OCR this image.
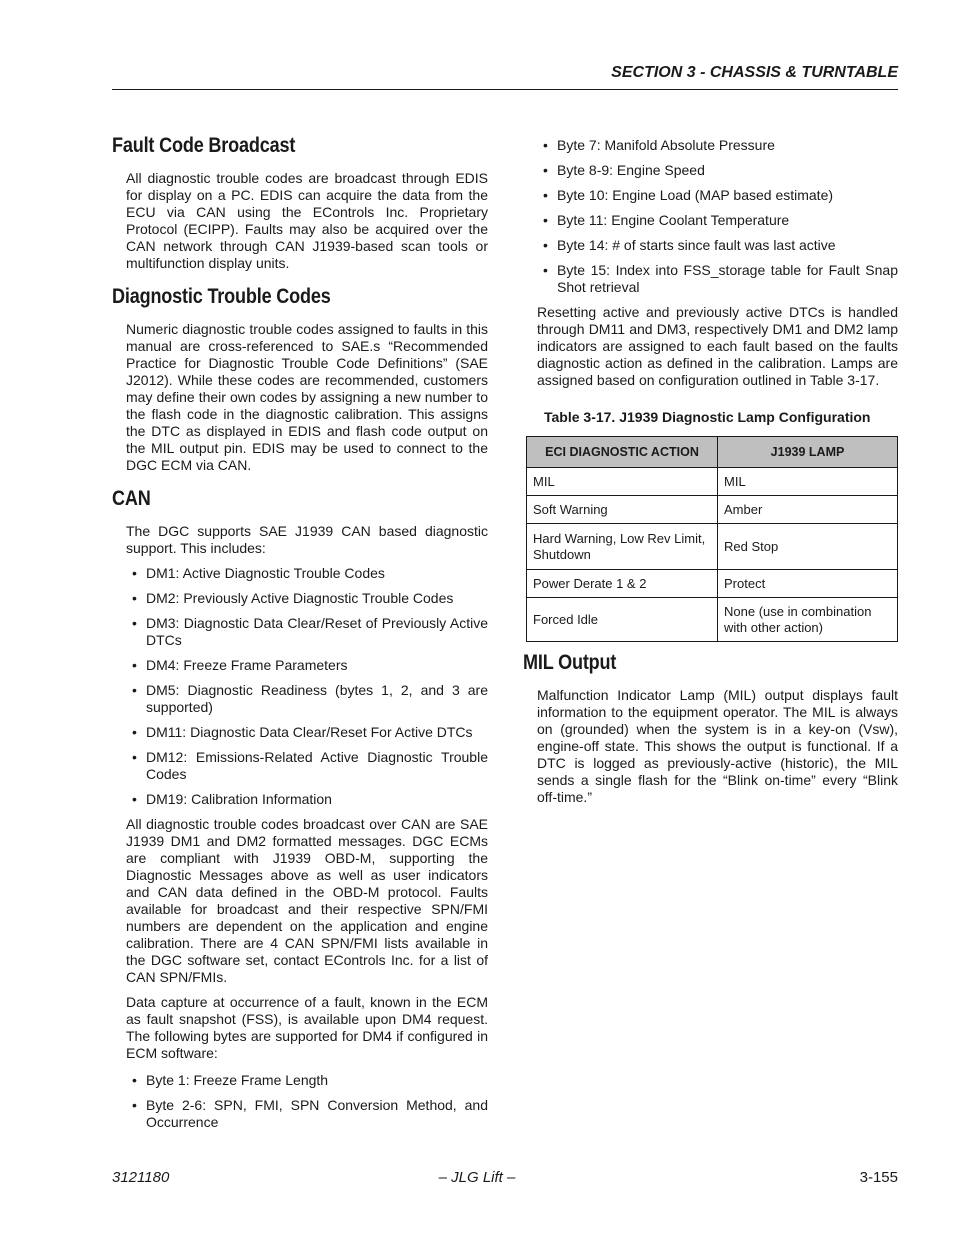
SECTION 3 - CHASSIS & TURNTABLE
Fault Code Broadcast

All diagnostic trouble codes are broadcast through EDIS for display on a PC. EDIS can acquire the data from the ECU via CAN using the EControls Inc. Proprietary Protocol (ECIPP). Faults may also be acquired over the CAN network through CAN J1939-based scan tools or multifunction display units.

Diagnostic Trouble Codes

Numeric diagnostic trouble codes assigned to faults in this manual are cross-referenced to SAE.s “Recommended Practice for Diagnostic Trouble Code Definitions” (SAE J2012). While these codes are recommended, customers may define their own codes by assigning a new number to the flash code in the diagnostic calibration. This assigns the DTC as displayed in EDIS and flash code output on the MIL output pin. EDIS may be used to connect to the DGC ECM via CAN.

CAN

The DGC supports SAE J1939 CAN based diagnostic support. This includes:

• DM1: Active Diagnostic Trouble Codes
• DM2: Previously Active Diagnostic Trouble Codes
• DM3: Diagnostic Data Clear/Reset of Previously Active DTCs
• DM4: Freeze Frame Parameters
• DM5: Diagnostic Readiness (bytes 1, 2, and 3 are supported)
• DM11: Diagnostic Data Clear/Reset For Active DTCs
• DM12: Emissions-Related Active Diagnostic Trouble Codes
• DM19: Calibration Information

All diagnostic trouble codes broadcast over CAN are SAE J1939 DM1 and DM2 formatted messages. DGC ECMs are compliant with J1939 OBD-M, supporting the Diagnostic Messages above as well as user indicators and CAN data defined in the OBD-M protocol. Faults available for broadcast and their respective SPN/FMI numbers are dependent on the application and engine calibration. There are 4 CAN SPN/FMI lists available in the DGC software set, contact EControls Inc. for a list of CAN SPN/FMIs.

Data capture at occurrence of a fault, known in the ECM as fault snapshot (FSS), is available upon DM4 request. The following bytes are supported for DM4 if configured in ECM software:

• Byte 1: Freeze Frame Length
• Byte 2-6: SPN, FMI, SPN Conversion Method, and Occurrence
• Byte 7: Manifold Absolute Pressure
• Byte 8-9: Engine Speed
• Byte 10: Engine Load (MAP based estimate)
• Byte 11: Engine Coolant Temperature
• Byte 14: # of starts since fault was last active
• Byte 15: Index into FSS_storage table for Fault Snap Shot retrieval

Resetting active and previously active DTCs is handled through DM11 and DM3, respectively DM1 and DM2 lamp indicators are assigned to each fault based on the faults diagnostic action as defined in the calibration. Lamps are assigned based on configuration outlined in Table 3-17.

Table 3-17. J1939 Diagnostic Lamp Configuration

ECI DIAGNOSTIC ACTION	J1939 LAMP
MIL	MIL
Soft Warning	Amber
Hard Warning, Low Rev Limit, Shutdown	Red Stop
Power Derate 1 & 2	Protect
Forced Idle	None (use in combination with other action)
MIL Output

Malfunction Indicator Lamp (MIL) output displays fault information to the equipment operator. The MIL is always on (grounded) when the system is in a key-on (Vsw), engine-off state. This shows the output is functional. If a DTC is logged as previously-active (historic), the MIL sends a single flash for the “Blink on-time” every “Blink off-time.”

– JLG Lift –
3121180	3-155
